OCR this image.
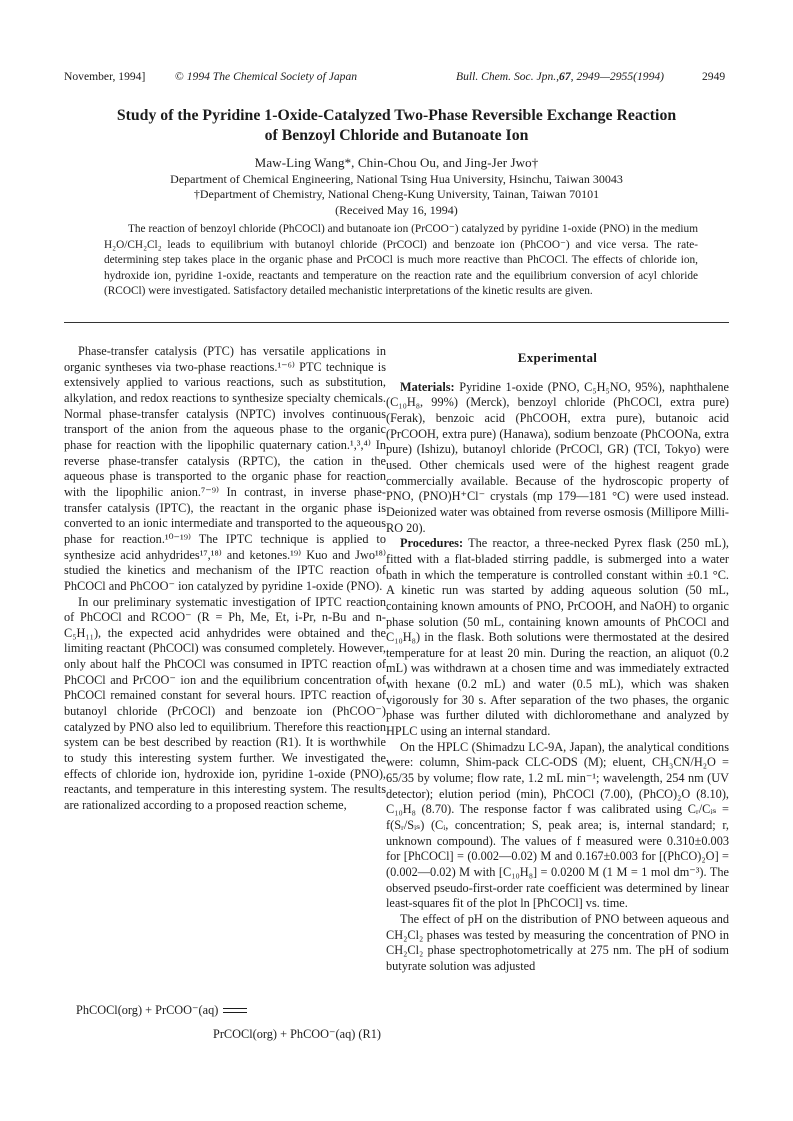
November, 1994]	© 1994 The Chemical Society of Japan	Bull. Chem. Soc. Jpn.,67, 2949—2955(1994)	2949
Study of the Pyridine 1-Oxide-Catalyzed Two-Phase Reversible Exchange Reaction
of Benzoyl Chloride and Butanoate Ion
Maw-Ling Wang*, Chin-Chou Ou, and Jing-Jer Jwo†
Department of Chemical Engineering, National Tsing Hua University, Hsinchu, Taiwan 30043
†Department of Chemistry, National Cheng-Kung University, Tainan, Taiwan 70101
(Received May 16, 1994)
The reaction of benzoyl chloride (PhCOCl) and butanoate ion (PrCOO⁻) catalyzed by pyridine 1-oxide (PNO) in the medium H₂O/CH₂Cl₂ leads to equilibrium with butanoyl chloride (PrCOCl) and benzoate ion (PhCOO⁻) and vice versa. The rate-determining step takes place in the organic phase and PrCOCl is much more reactive than PhCOCl. The effects of chloride ion, hydroxide ion, pyridine 1-oxide, reactants and temperature on the reaction rate and the equilibrium conversion of acyl chloride (RCOCl) were investigated. Satisfactory detailed mechanistic interpretations of the kinetic results are given.

Phase-transfer catalysis (PTC) has versatile applications in organic syntheses via two-phase reactions.¹⁻⁶⁾ PTC technique is extensively applied to various reactions, such as substitution, alkylation, and redox reactions to synthesize specialty chemicals. Normal phase-transfer catalysis (NPTC) involves continuous transport of the anion from the aqueous phase to the organic phase for reaction with the lipophilic quaternary cation.¹,³,⁴⁾ In reverse phase-transfer catalysis (RPTC), the cation in the aqueous phase is transported to the organic phase for reaction with the lipophilic anion.⁷⁻⁹⁾ In contrast, in inverse phase-transfer catalysis (IPTC), the reactant in the organic phase is converted to an ionic intermediate and transported to the aqueous phase for reaction.¹⁰⁻¹⁹⁾ The IPTC technique is applied to synthesize acid anhydrides¹⁷,¹⁸⁾ and ketones.¹⁹⁾ Kuo and Jwo¹⁸⁾ studied the kinetics and mechanism of the IPTC reaction of PhCOCl and PhCOO⁻ ion catalyzed by pyridine 1-oxide (PNO).

In our preliminary systematic investigation of IPTC reaction of PhCOCl and RCOO⁻ (R = Ph, Me, Et, i-Pr, n-Bu and n-C₅H₁₁), the expected acid anhydrides were obtained and the limiting reactant (PhCOCl) was consumed completely. However, only about half the PhCOCl was consumed in IPTC reaction of PhCOCl and PrCOO⁻ ion and the equilibrium concentration of PhCOCl remained constant for several hours. IPTC reaction of butanoyl chloride (PrCOCl) and benzoate ion (PhCOO⁻) catalyzed by PNO also led to equilibrium. Therefore this reaction system can be best described by reaction (R1). It is worthwhile to study this interesting system further. We investigated the effects of chloride ion, hydroxide ion, pyridine 1-oxide (PNO), reactants, and temperature in this interesting system. The results are rationalized according to a proposed reaction scheme,

PhCOCl(org) + PrCOO⁻(aq)
PrCOCl(org) + PhCOO⁻(aq) (R1)
Experimental

Materials: Pyridine 1-oxide (PNO, C₅H₅NO, 95%), naphthalene (C₁₀H₈, 99%) (Merck), benzoyl chloride (PhCOCl, extra pure) (Ferak), benzoic acid (PhCOOH, extra pure), butanoic acid (PrCOOH, extra pure) (Hanawa), sodium benzoate (PhCOONa, extra pure) (Ishizu), butanoyl chloride (PrCOCl, GR) (TCI, Tokyo) were used. Other chemicals used were of the highest reagent grade commercially available. Because of the hydroscopic property of PNO, (PNO)H⁺Cl⁻ crystals (mp 179—181 °C) were used instead. Deionized water was obtained from reverse osmosis (Millipore Milli-RO 20).

Procedures: The reactor, a three-necked Pyrex flask (250 mL), fitted with a flat-bladed stirring paddle, is submerged into a water bath in which the temperature is controlled constant within ±0.1 °C. A kinetic run was started by adding aqueous solution (50 mL, containing known amounts of PNO, PrCOOH, and NaOH) to organic phase solution (50 mL, containing known amounts of PhCOCl and C₁₀H₈) in the flask. Both solutions were thermostated at the desired temperature for at least 20 min. During the reaction, an aliquot (0.2 mL) was withdrawn at a chosen time and was immediately extracted with hexane (0.2 mL) and water (0.5 mL), which was shaken vigorously for 30 s. After separation of the two phases, the organic phase was further diluted with dichloromethane and analyzed by HPLC using an internal standard.

On the HPLC (Shimadzu LC-9A, Japan), the analytical conditions were: column, Shim-pack CLC-ODS (M); eluent, CH₃CN/H₂O = 65/35 by volume; flow rate, 1.2 mL min⁻¹; wavelength, 254 nm (UV detector); elution period (min), PhCOCl (7.00), (PhCO)₂O (8.10), C₁₀H₈ (8.70). The response factor f was calibrated using Cᵣ/Cᵢₛ = f(Sᵣ/Sᵢₛ) (Cᵢ, concentration; S, peak area; is, internal standard; r, unknown compound). The values of f measured were 0.310±0.003 for [PhCOCl] = (0.002—0.02) M and 0.167±0.003 for [(PhCO)₂O] = (0.002—0.02) M with [C₁₀H₈] = 0.0200 M (1 M = 1 mol dm⁻³). The observed pseudo-first-order rate coefficient was determined by linear least-squares fit of the plot ln [PhCOCl] vs. time.

The effect of pH on the distribution of PNO between aqueous and CH₂Cl₂ phases was tested by measuring the concentration of PNO in CH₂Cl₂ phase spectrophotometrically at 275 nm. The pH of sodium butyrate solution was adjusted
